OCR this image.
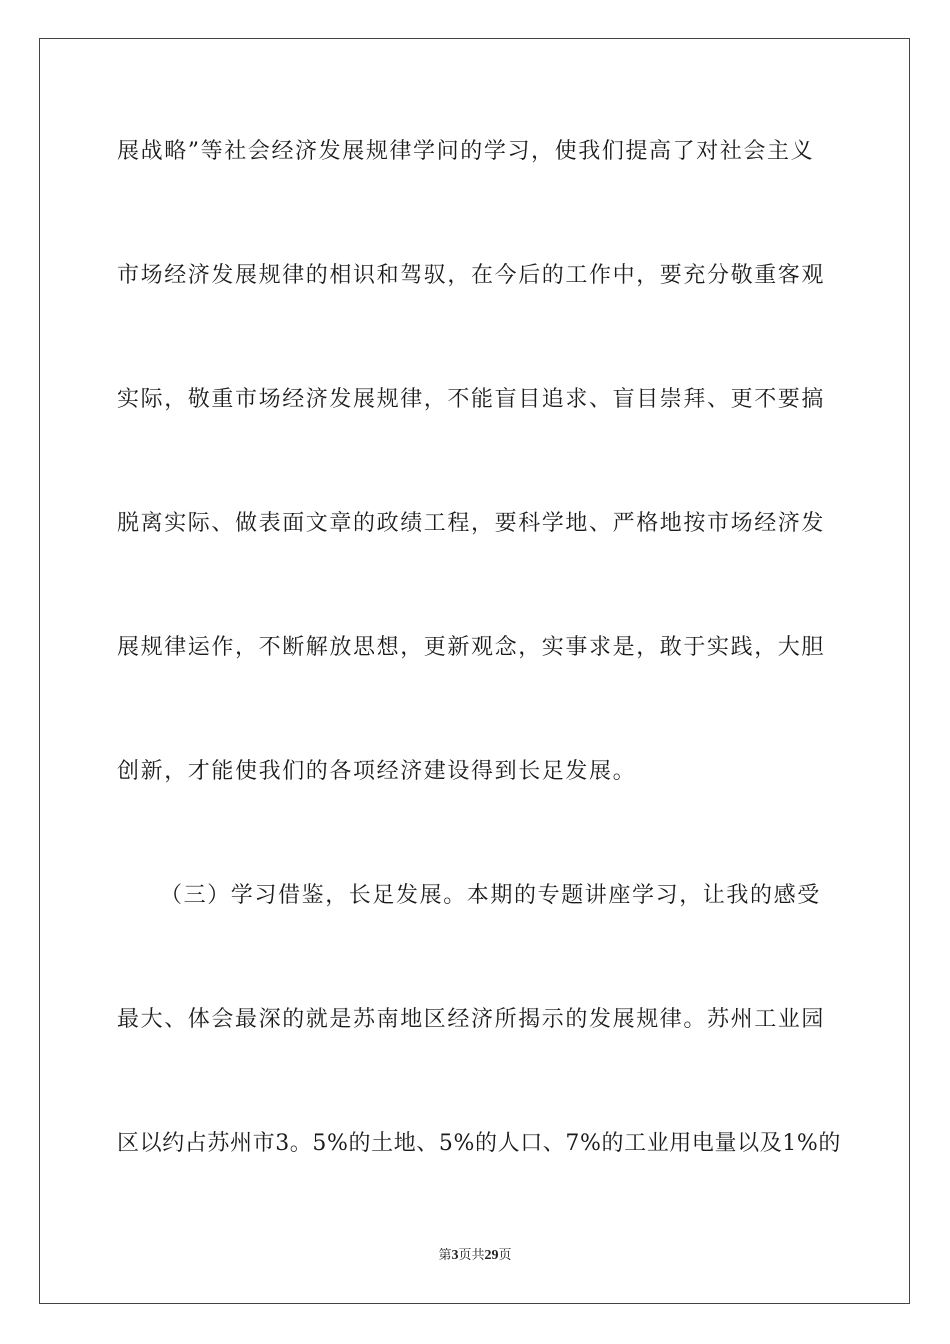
展战略”等社会经济发展规律学问的学习，使我们提高了对社会主义
市场经济发展规律的相识和驾驭，在今后的工作中，要充分敬重客观
实际，敬重市场经济发展规律，不能盲目追求、盲目崇拜、更不要搞
脱离实际、做表面文章的政绩工程，要科学地、严格地按市场经济发
展规律运作，不断解放思想，更新观念，实事求是，敢于实践，大胆
创新，才能使我们的各项经济建设得到长足发展。
（三）学习借鉴，长足发展。本期的专题讲座学习，让我的感受
最大、体会最深的就是苏南地区经济所揭示的发展规律。苏州工业园
区以约占苏州市3。5%的土地、5%的人口、7%的工业用电量以及1%的
第3页共29页
